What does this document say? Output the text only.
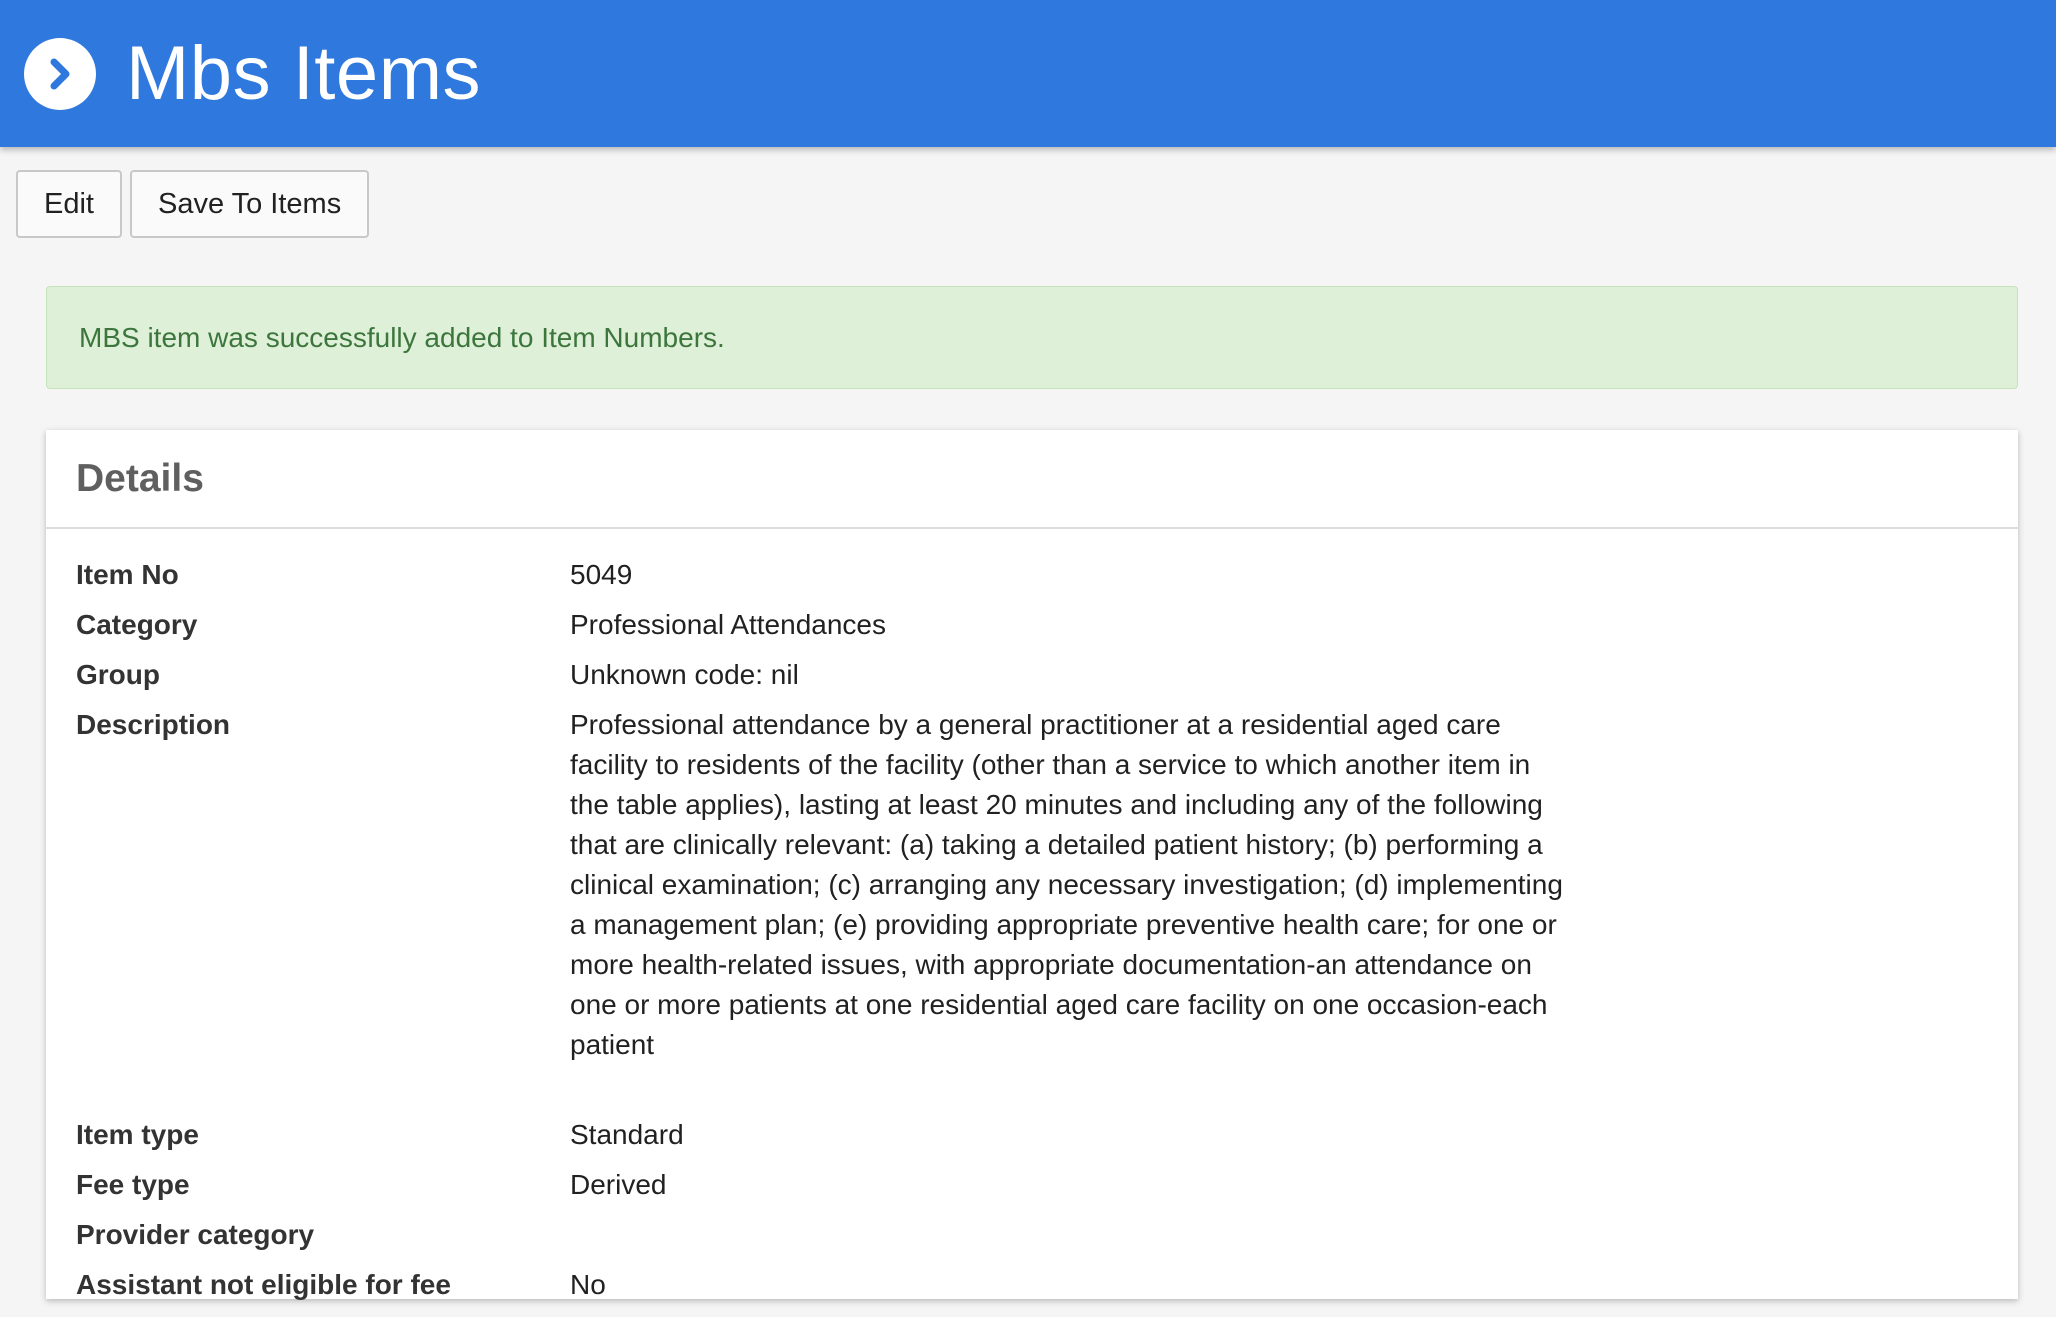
Mbs Items
Edit	Save To Items
MBS item was successfully added to Item Numbers.
Details
Item No	5049
Category	Professional Attendances
Group	Unknown code: nil
Description	Professional attendance by a general practitioner at a residential aged care facility to residents of the facility (other than a service to which another item in the table applies), lasting at least 20 minutes and including any of the following that are clinically relevant: (a) taking a detailed patient history; (b) performing a clinical examination; (c) arranging any necessary investigation; (d) implementing a management plan; (e) providing appropriate preventive health care; for one or more health-related issues, with appropriate documentation-an attendance on one or more patients at one residential aged care facility on one occasion-each patient
Item type	Standard
Fee type	Derived
Provider category
Assistant not eligible for fee	No
